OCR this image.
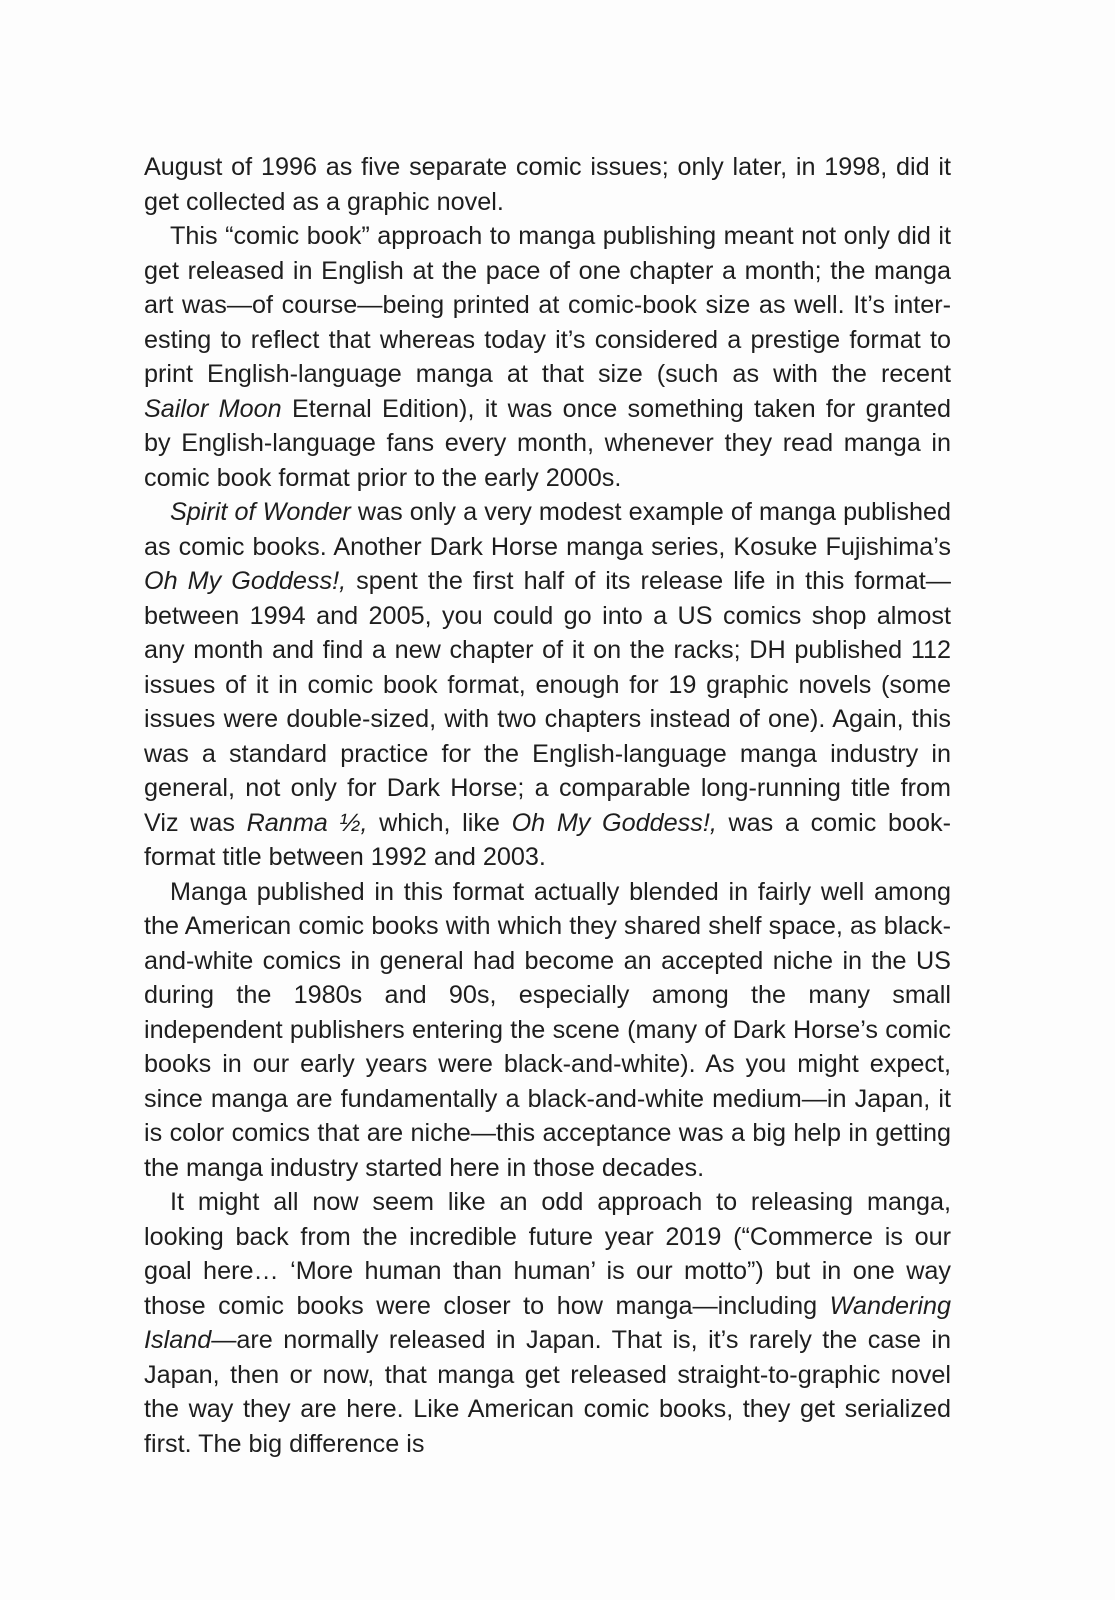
August of 1996 as five separate comic issues; only later, in 1998, did it get collected as a graphic novel.

This “comic book” approach to manga publishing meant not only did it get released in English at the pace of one chapter a month; the manga art was—of course—being printed at comic-book size as well. It’s interesting to reflect that whereas today it’s considered a prestige format to print English-language manga at that size (such as with the recent Sailor Moon Eternal Edition), it was once something taken for granted by English-language fans every month, whenever they read manga in comic book format prior to the early 2000s.

Spirit of Wonder was only a very modest example of manga published as comic books. Another Dark Horse manga series, Kosuke Fujishima’s Oh My Goddess!, spent the first half of its release life in this format—between 1994 and 2005, you could go into a US comics shop almost any month and find a new chapter of it on the racks; DH published 112 issues of it in comic book format, enough for 19 graphic novels (some issues were double-sized, with two chapters instead of one). Again, this was a standard practice for the English-language manga industry in general, not only for Dark Horse; a comparable long-running title from Viz was Ranma ½, which, like Oh My Goddess!, was a comic book-format title between 1992 and 2003.

Manga published in this format actually blended in fairly well among the American comic books with which they shared shelf space, as black-and-white comics in general had become an accepted niche in the US during the 1980s and 90s, especially among the many small independent publishers entering the scene (many of Dark Horse’s comic books in our early years were black-and-white). As you might expect, since manga are fundamentally a black-and-white medium—in Japan, it is color comics that are niche—this acceptance was a big help in getting the manga industry started here in those decades.

It might all now seem like an odd approach to releasing manga, looking back from the incredible future year 2019 (“Commerce is our goal here… ‘More human than human’ is our motto”) but in one way those comic books were closer to how manga—including Wandering Island—are normally released in Japan. That is, it’s rarely the case in Japan, then or now, that manga get released straight-to-graphic novel the way they are here. Like American comic books, they get serialized first. The big difference is
